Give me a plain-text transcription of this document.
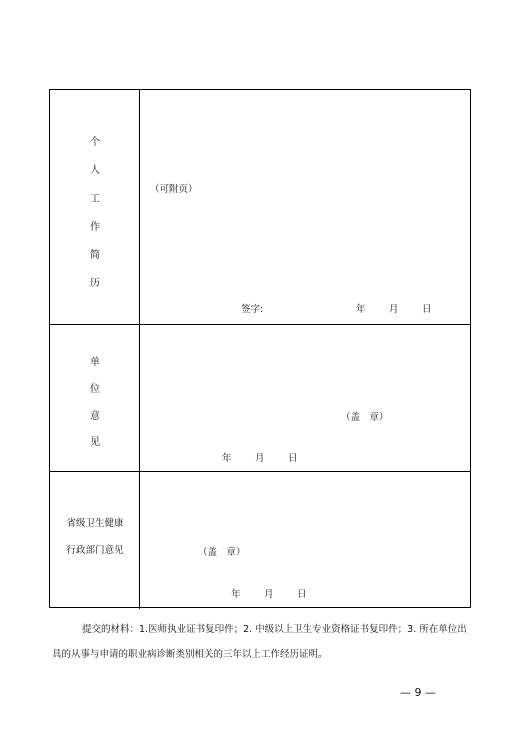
个
人
工
作
简
历
（可附页）
签字:	年 月 日
单
位
意
见
（盖　章）
年 月 日
省级卫生健康
行政部门意见	（盖　章）
年 月 日
提交的材料：1.医师执业证书复印件；2. 中级以上卫生专业资格证书复印件；3. 所在单位出
具的从事与申请的职业病诊断类别相关的三年以上工作经历证明。
— 9 —
